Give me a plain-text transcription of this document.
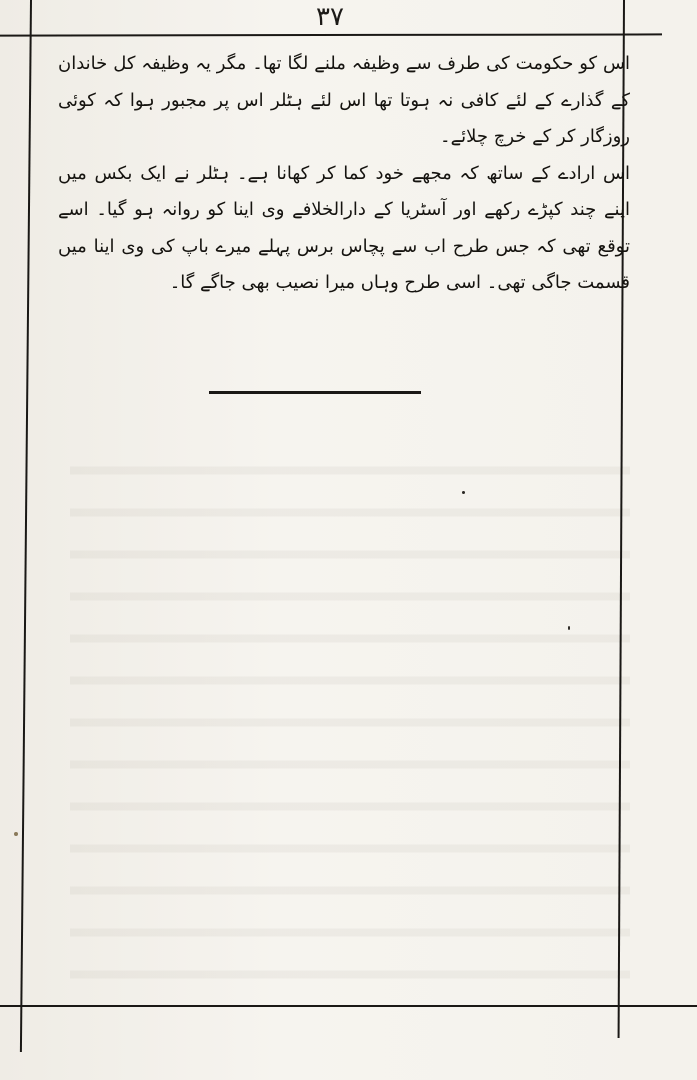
۳۷

اس کو حکومت کی طرف سے وظیفہ ملنے لگا تھا۔ مگر یہ وظیفہ کل خاندان کے گذارے کے لئے کافی نہ ہوتا تھا اس لئے ہٹلر اس پر مجبور ہوا کہ کوئی روزگار کر کے خرچ چلائے۔

اس ارادے کے ساتھ کہ مجھے خود کما کر کھانا ہے۔ ہٹلر نے ایک بکس میں اپنے چند کپڑے رکھے اور آسٹریا کے دارالخلافے وی اینا کو روانہ ہو گیا۔ اسے توقع تھی کہ جس طرح اب سے پچاس برس پہلے میرے باپ کی وی اینا میں قسمت جاگی تھی۔ اسی طرح وہاں میرا نصیب بھی جاگے گا۔
